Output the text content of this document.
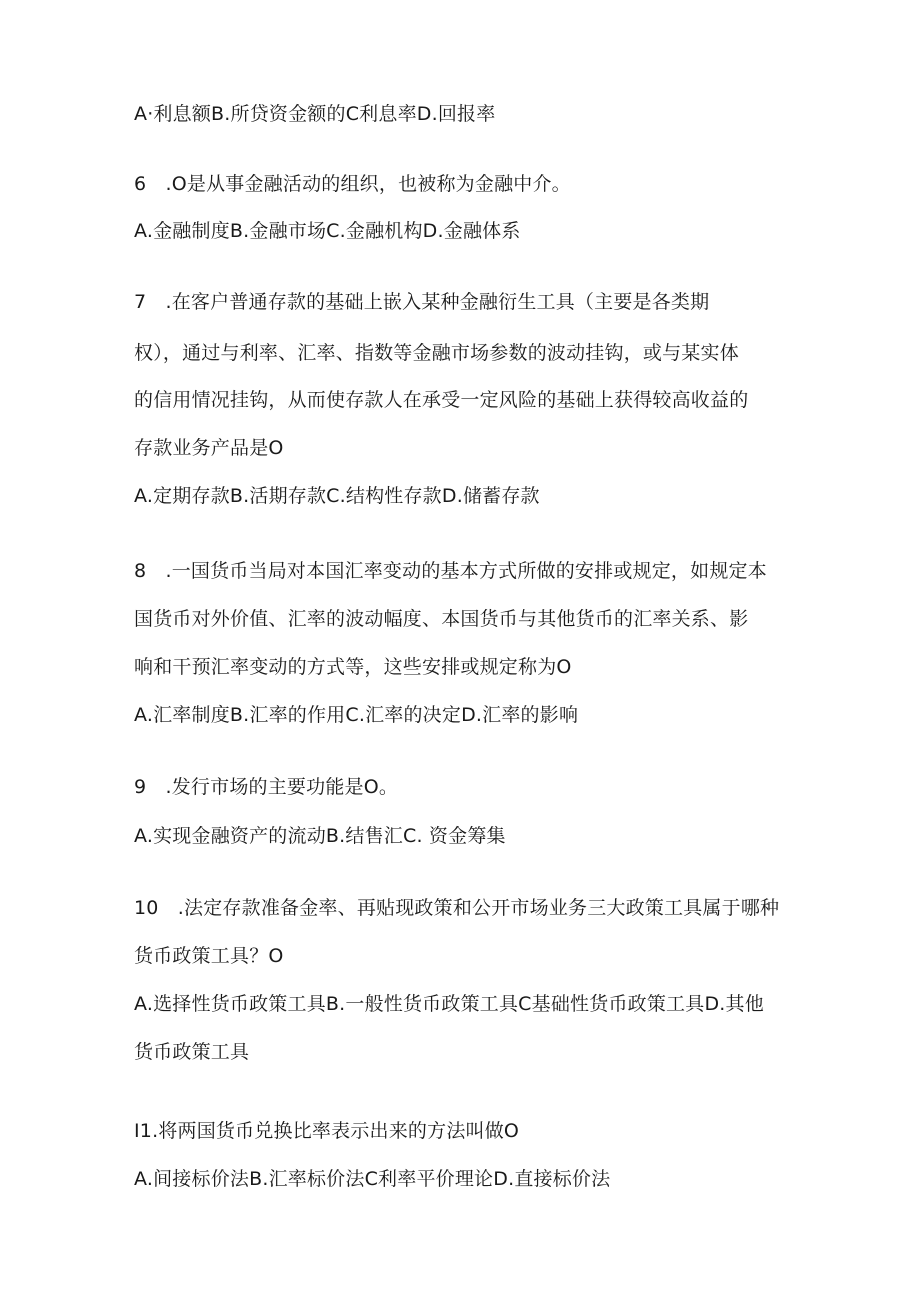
A·利息额B.所贷资金额的C利息率D.回报率
6　.O是从事金融活动的组织，也被称为金融中介。
A.金融制度B.金融市场C.金融机构D.金融体系
7　.在客户普通存款的基础上嵌入某种金融衍生工具（主要是各类期
权），通过与利率、汇率、指数等金融市场参数的波动挂钩，或与某实体
的信用情况挂钩，从而使存款人在承受一定风险的基础上获得较高收益的
存款业务产品是O
A.定期存款B.活期存款C.结构性存款D.储蓄存款
8　.一国货币当局对本国汇率变动的基本方式所做的安排或规定，如规定本
国货币对外价值、汇率的波动幅度、本国货币与其他货币的汇率关系、影
响和干预汇率变动的方式等，这些安排或规定称为O
A.汇率制度B.汇率的作用C.汇率的决定D.汇率的影响
9　.发行市场的主要功能是O。
A.实现金融资产的流动B.结售汇C. 资金筹集
10　.法定存款准备金率、再贴现政策和公开市场业务三大政策工具属于哪种
货币政策工具？O
A.选择性货币政策工具B.一般性货币政策工具C基础性货币政策工具D.其他
货币政策工具
I1.将两国货币兑换比率表示出来的方法叫做O
A.间接标价法B.汇率标价法C利率平价理论D.直接标价法
